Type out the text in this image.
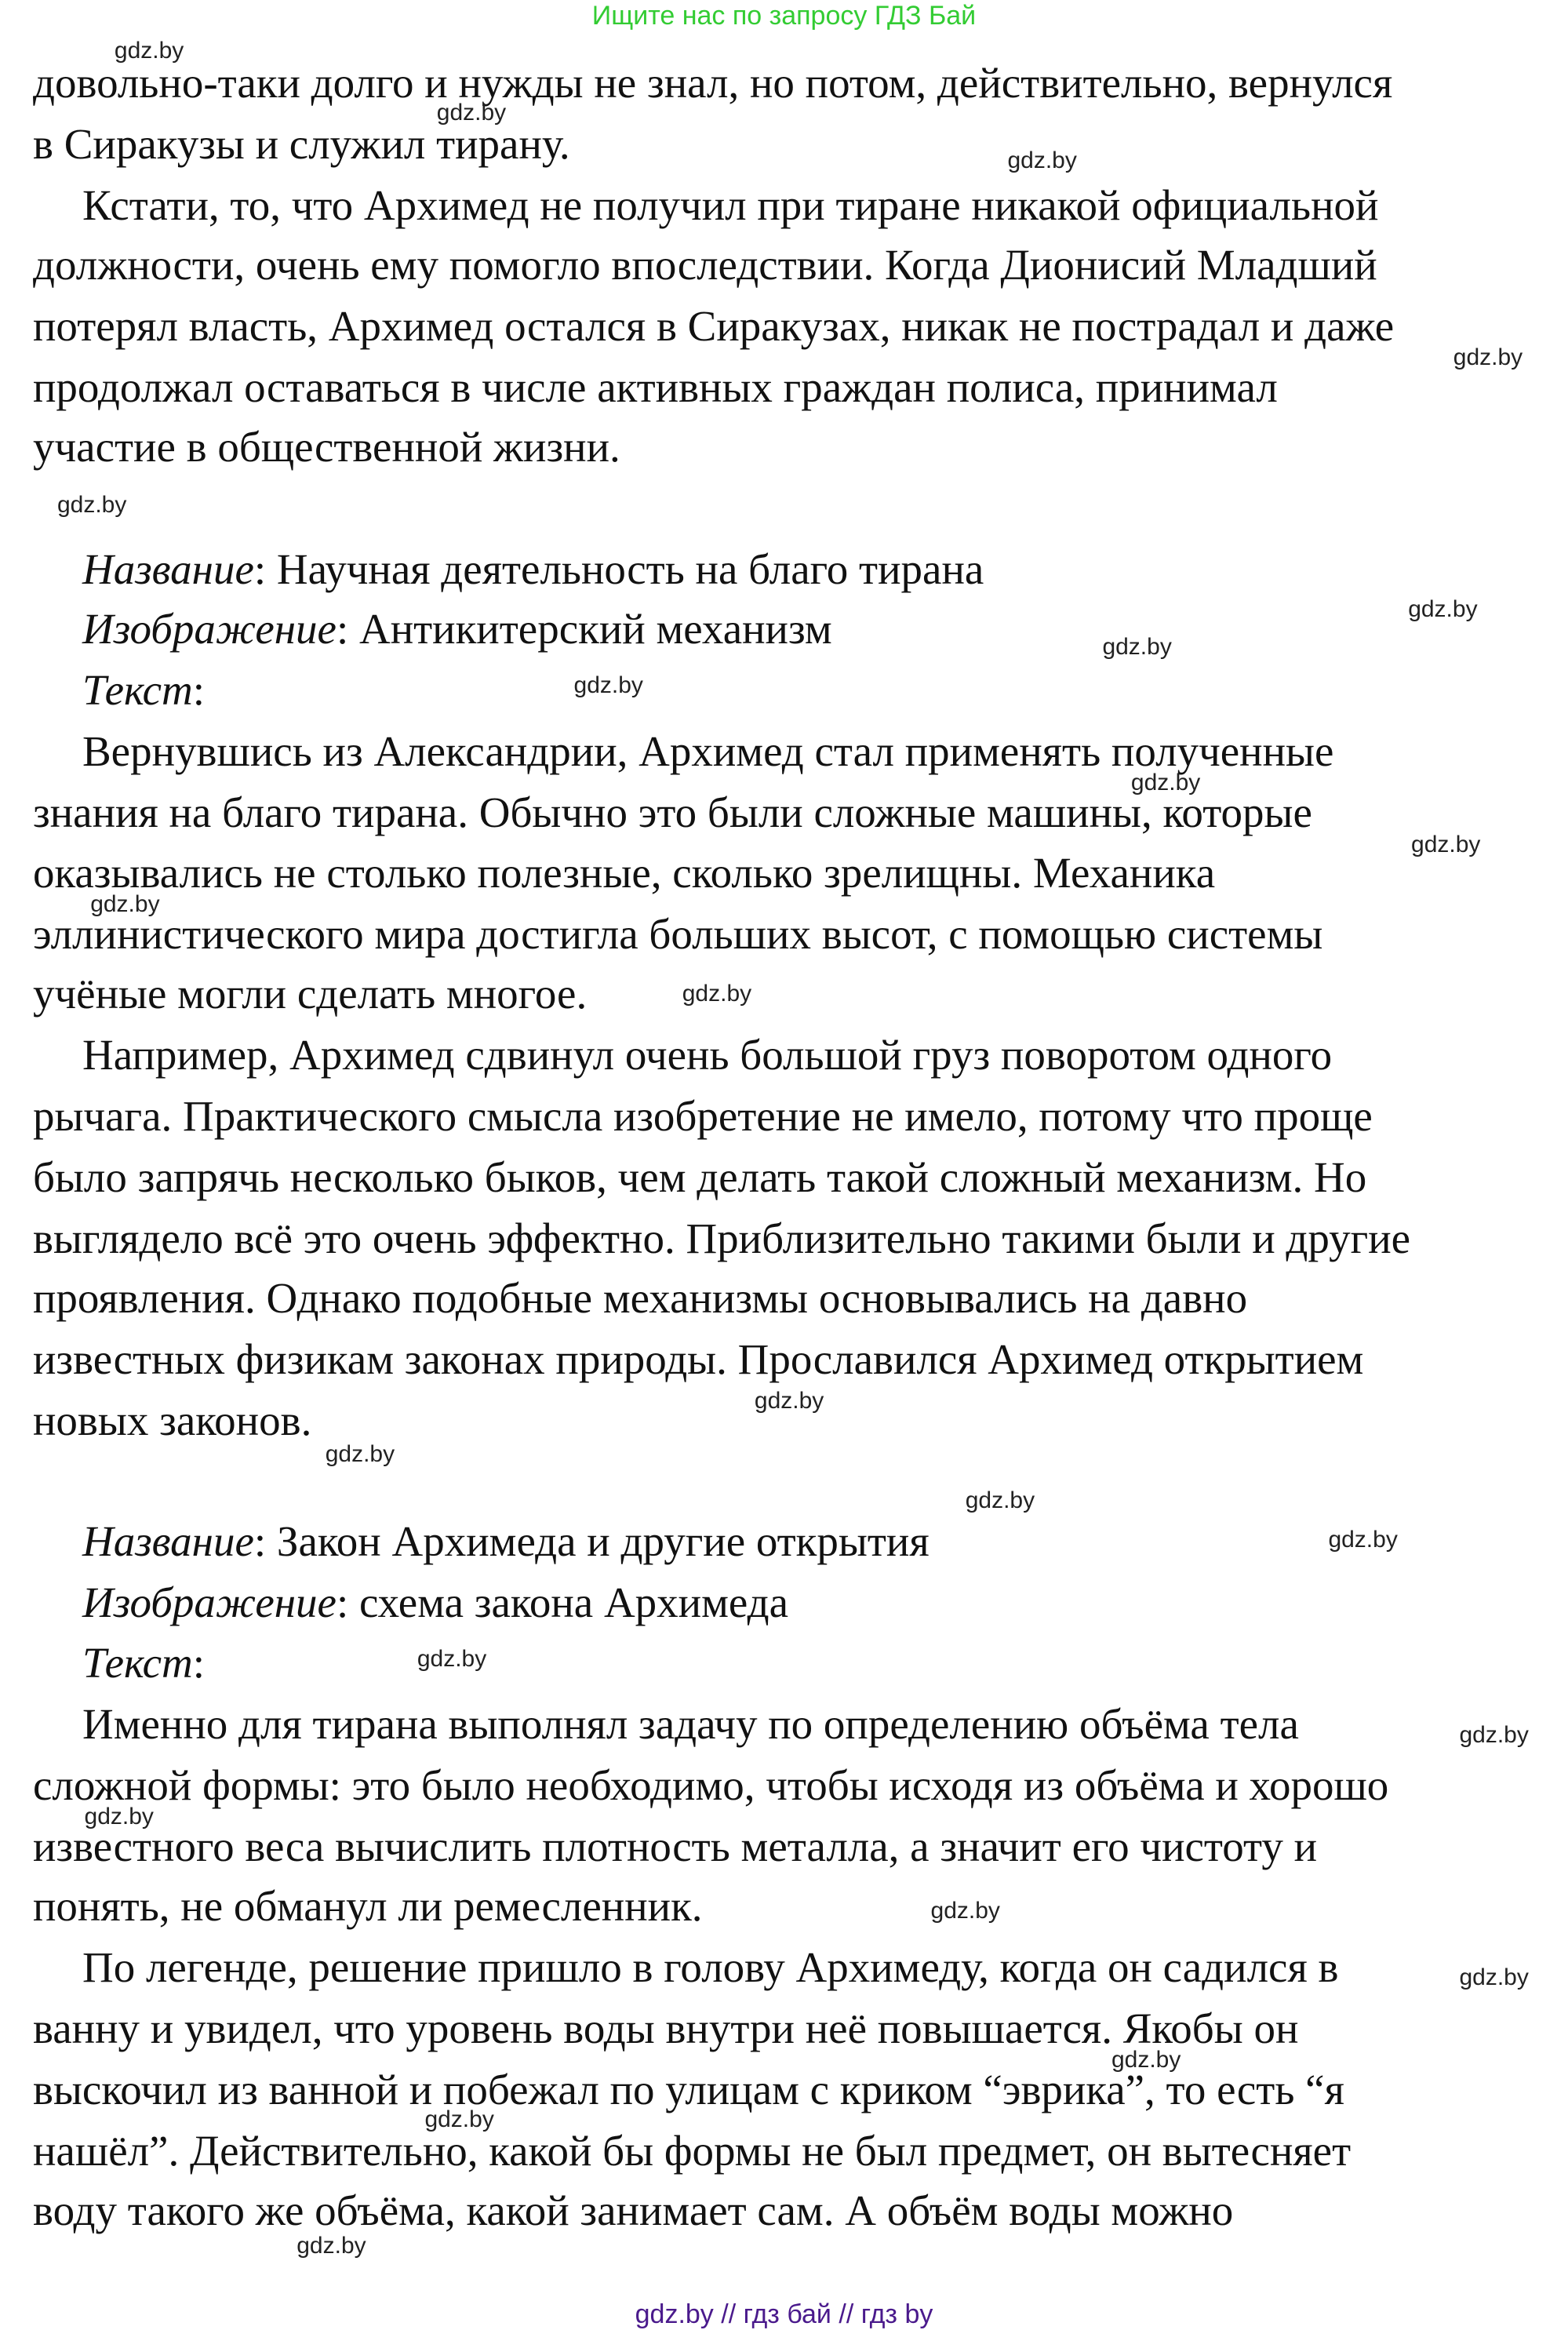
Ищите нас по запросу ГДЗ Бай
довольно-таки долго и нужды не знал, но потом, действительно, вернулся
в Сиракузы и служил тирану.
Кстати, то, что Архимед не получил при тиране никакой официальной
должности, очень ему помогло впоследствии. Когда Дионисий Младший
потерял власть, Архимед остался в Сиракузах, никак не пострадал и даже
продолжал оставаться в числе активных граждан полиса, принимал
участие в общественной жизни.
Название: Научная деятельность на благо тирана
Изображение: Антикитерский механизм
Текст:
Вернувшись из Александрии, Архимед стал применять полученные
знания на благо тирана. Обычно это были сложные машины, которые
оказывались не столько полезные, сколько зрелищны. Механика
эллинистического мира достигла больших высот, с помощью системы
учёные могли сделать многое.
Например, Архимед сдвинул очень большой груз поворотом одного
рычага. Практического смысла изобретение не имело, потому что проще
было запрячь несколько быков, чем делать такой сложный механизм. Но
выглядело всё это очень эффектно. Приблизительно такими были и другие
проявления. Однако подобные механизмы основывались на давно
известных физикам законах природы. Прославился Архимед открытием
новых законов.
Название: Закон Архимеда и другие открытия
Изображение: схема закона Архимеда
Текст:
Именно для тирана выполнял задачу по определению объёма тела
сложной формы: это было необходимо, чтобы исходя из объёма и хорошо
известного веса вычислить плотность металла, а значит его чистоту и
понять, не обманул ли ремесленник.
По легенде, решение пришло в голову Архимеду, когда он садился в
ванну и увидел, что уровень воды внутри неё повышается. Якобы он
выскочил из ванной и побежал по улицам с криком “эврика”, то есть “я
нашёл”. Действительно, какой бы формы не был предмет, он вытесняет
воду такого же объёма, какой занимает сам. А объём воды можно
gdz.by
gdz.by
gdz.by
gdz.by
gdz.by
gdz.by
gdz.by
gdz.by
gdz.by
gdz.by
gdz.by
gdz.by
gdz.by
gdz.by
gdz.by
gdz.by
gdz.by
gdz.by
gdz.by
gdz.by
gdz.by
gdz.by
gdz.by
gdz.by
gdz.by // гдз бай // гдз by
